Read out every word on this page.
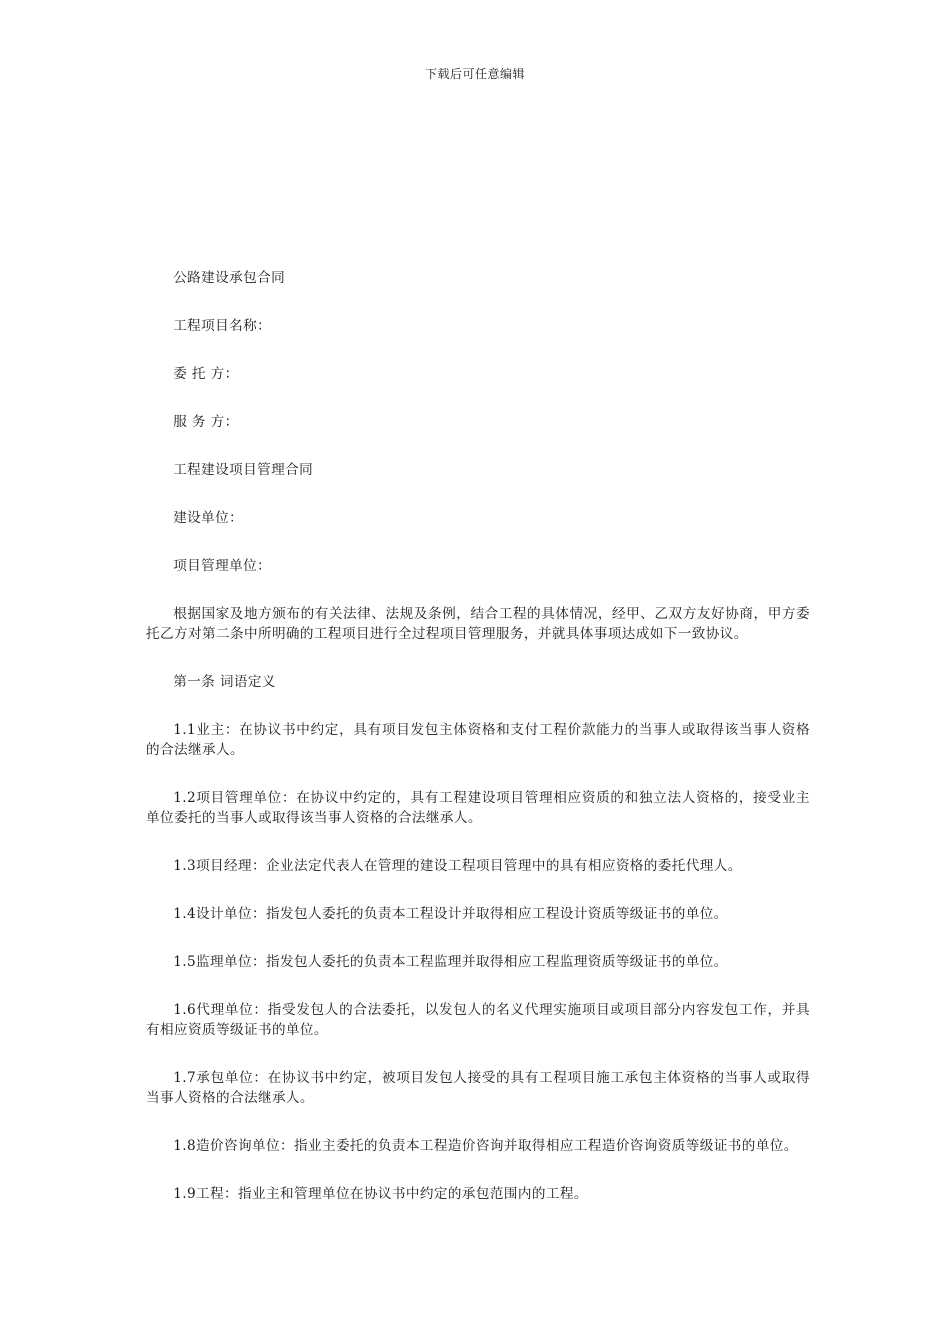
下载后可任意编辑

公路建设承包合同

工程项目名称：

委 托 方：

服 务 方：

工程建设项目管理合同

建设单位：

项目管理单位：

根据国家及地方颁布的有关法律、法规及条例，结合工程的具体情况，经甲、乙双方友好协商，甲方委托乙方对第二条中所明确的工程项目进行全过程项目管理服务，并就具体事项达成如下一致协议。

第一条 词语定义

1.1业主：在协议书中约定，具有项目发包主体资格和支付工程价款能力的当事人或取得该当事人资格的合法继承人。

1.2项目管理单位：在协议中约定的，具有工程建设项目管理相应资质的和独立法人资格的，接受业主单位委托的当事人或取得该当事人资格的合法继承人。

1.3项目经理：企业法定代表人在管理的建设工程项目管理中的具有相应资格的委托代理人。

1.4设计单位：指发包人委托的负责本工程设计并取得相应工程设计资质等级证书的单位。

1.5监理单位：指发包人委托的负责本工程监理并取得相应工程监理资质等级证书的单位。

1.6代理单位：指受发包人的合法委托，以发包人的名义代理实施项目或项目部分内容发包工作，并具有相应资质等级证书的单位。

1.7承包单位：在协议书中约定，被项目发包人接受的具有工程项目施工承包主体资格的当事人或取得当事人资格的合法继承人。

1.8造价咨询单位：指业主委托的负责本工程造价咨询并取得相应工程造价咨询资质等级证书的单位。

1.9工程：指业主和管理单位在协议书中约定的承包范围内的工程。
